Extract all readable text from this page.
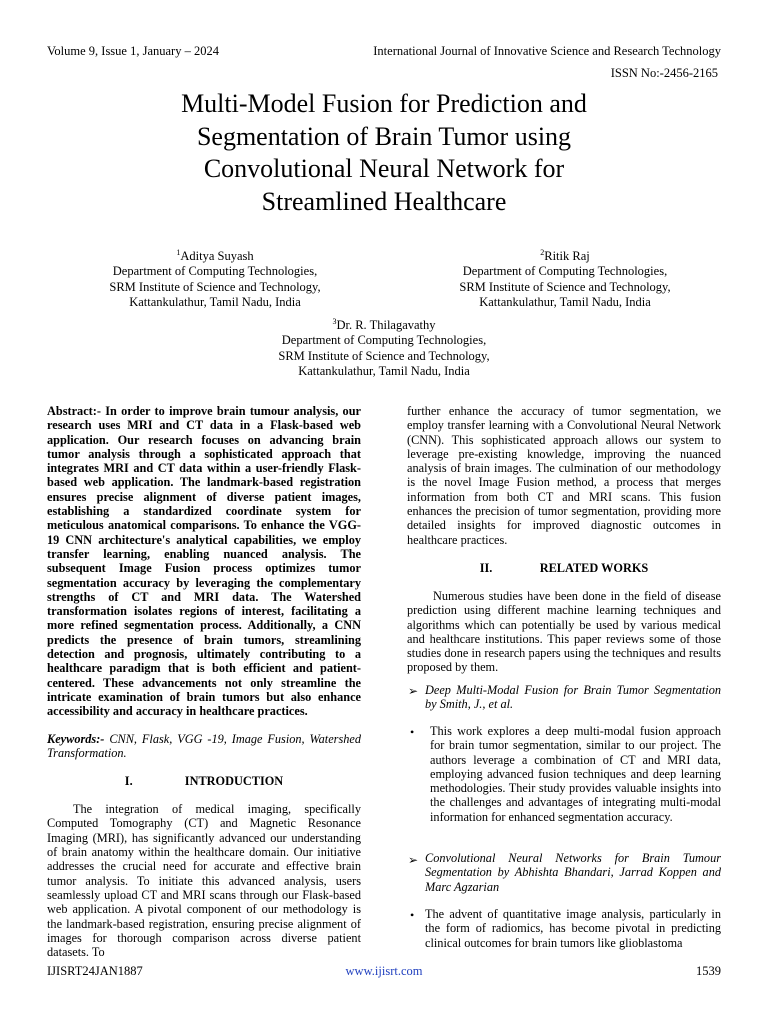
Volume 9, Issue 1, January – 2024	International Journal of Innovative Science and Research Technology
ISSN No:-2456-2165
Multi-Model Fusion for Prediction and
Segmentation of Brain Tumor using
Convolutional Neural Network for
Streamlined Healthcare
$^1$Aditya Suyash
Department of Computing Technologies,
SRM Institute of Science and Technology,
Kattankulathur, Tamil Nadu, India
$^2$Ritik Raj
Department of Computing Technologies,
SRM Institute of Science and Technology,
Kattankulathur, Tamil Nadu, India
$^3$Dr. R. Thilagavathy
Department of Computing Technologies,
SRM Institute of Science and Technology,
Kattankulathur, Tamil Nadu, India

Abstract:- In order to improve brain tumour analysis, our research uses MRI and CT data in a Flask-based web application. Our research focuses on advancing brain tumor analysis through a sophisticated approach that integrates MRI and CT data within a user-friendly Flask-based web application. The landmark-based registration ensures precise alignment of diverse patient images, establishing a standardized coordinate system for meticulous anatomical comparisons. To enhance the VGG-19 CNN architecture's analytical capabilities, we employ transfer learning, enabling nuanced analysis. The subsequent Image Fusion process optimizes tumor segmentation accuracy by leveraging the complementary strengths of CT and MRI data. The Watershed transformation isolates regions of interest, facilitating a more refined segmentation process. Additionally, a CNN predicts the presence of brain tumors, streamlining detection and prognosis, ultimately contributing to a healthcare paradigm that is both efficient and patient-centered. These advancements not only streamline the intricate examination of brain tumors but also enhance accessibility and accuracy in healthcare practices.

Keywords:- CNN, Flask, VGG -19, Image Fusion, Watershed Transformation.

I.	INTRODUCTION

The integration of medical imaging, specifically Computed Tomography (CT) and Magnetic Resonance Imaging (MRI), has significantly advanced our understanding of brain anatomy within the healthcare domain. Our initiative addresses the crucial need for accurate and effective brain tumor analysis. To initiate this advanced analysis, users seamlessly upload CT and MRI scans through our Flask-based web application. A pivotal component of our methodology is the landmark-based registration, ensuring precise alignment of images for thorough comparison across diverse patient datasets. To

further enhance the accuracy of tumor segmentation, we employ transfer learning with a Convolutional Neural Network (CNN). This sophisticated approach allows our system to leverage pre-existing knowledge, improving the nuanced analysis of brain images. The culmination of our methodology is the novel Image Fusion method, a process that merges information from both CT and MRI scans. This fusion enhances the precision of tumor segmentation, providing more detailed insights for improved diagnostic outcomes in healthcare practices.

II.	RELATED WORKS

Numerous studies have been done in the field of disease prediction using different machine learning techniques and algorithms which can potentially be used by various medical and healthcare institutions. This paper reviews some of those studies done in research papers using the techniques and results proposed by them.

➢ Deep Multi-Modal Fusion for Brain Tumor Segmentation by Smith, J., et al.
• This work explores a deep multi-modal fusion approach for brain tumor segmentation, similar to our project. The authors leverage a combination of CT and MRI data, employing advanced fusion techniques and deep learning methodologies. Their study provides valuable insights into the challenges and advantages of integrating multi-modal information for enhanced segmentation accuracy.
➢ Convolutional Neural Networks for Brain Tumour Segmentation by Abhishta Bhandari, Jarrad Koppen and Marc Agzarian
• The advent of quantitative image analysis, particularly in the form of radiomics, has become pivotal in predicting clinical outcomes for brain tumors like glioblastoma
IJISRT24JAN1887	www.ijisrt.com	1539
